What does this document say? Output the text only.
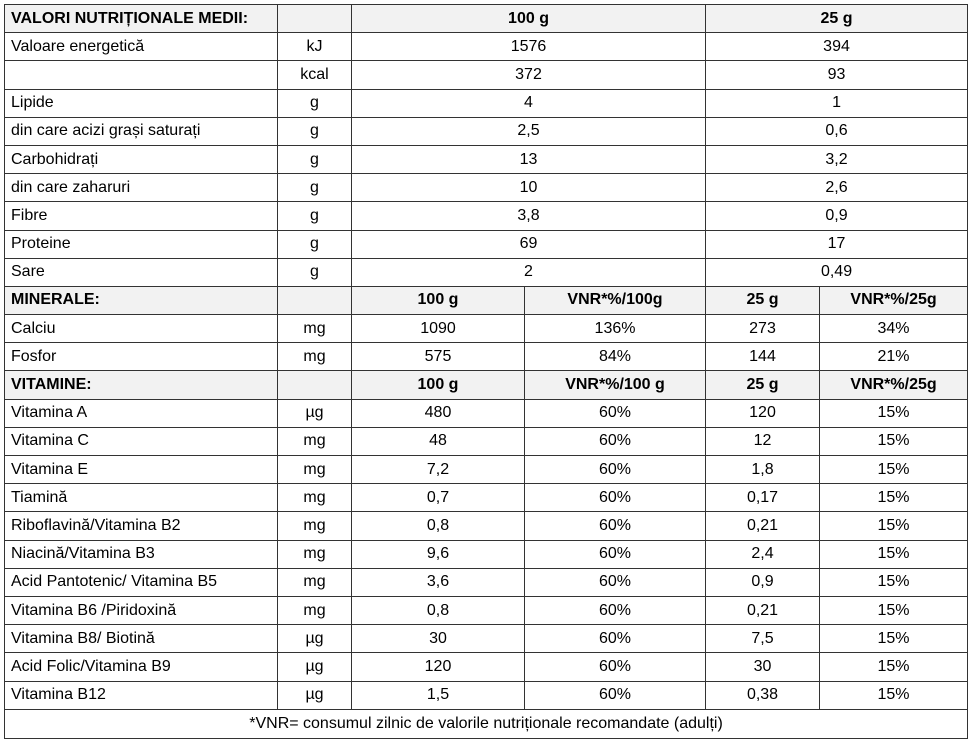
VALORI NUTRIȚIONALE MEDII:		100 g		25 g	
Valoare energetică	kJ	1576		394	
	kcal	372		93	
Lipide	g	4		1	
din care acizi grași saturați	g	2,5		0,6	
Carbohidrați	g	13		3,2	
din care zaharuri	g	10		2,6	
Fibre	g	3,8		0,9	
Proteine	g	69		17	
Sare	g	2		0,49	
MINERALE:		100 g	VNR*%/100g	25 g	VNR*%/25g
Calciu	mg	1090	136%	273	34%
Fosfor	mg	575	84%	144	21%
VITAMINE:		100 g	VNR*%/100 g	25 g	VNR*%/25g
Vitamina A	µg	480	60%	120	15%
Vitamina C	mg	48	60%	12	15%
Vitamina E	mg	7,2	60%	1,8	15%
Tiamină	mg	0,7	60%	0,17	15%
Riboflavină/Vitamina B2	mg	0,8	60%	0,21	15%
Niacină/Vitamina B3	mg	9,6	60%	2,4	15%
Acid Pantotenic/ Vitamina B5	mg	3,6	60%	0,9	15%
Vitamina B6 /Piridoxină	mg	0,8	60%	0,21	15%
Vitamina B8/ Biotină	µg	30	60%	7,5	15%
Acid Folic/Vitamina B9	µg	120	60%	30	15%
Vitamina B12	µg	1,5	60%	0,38	15%
*VNR= consumul zilnic de valorile nutriționale recomandate (adulți)					
